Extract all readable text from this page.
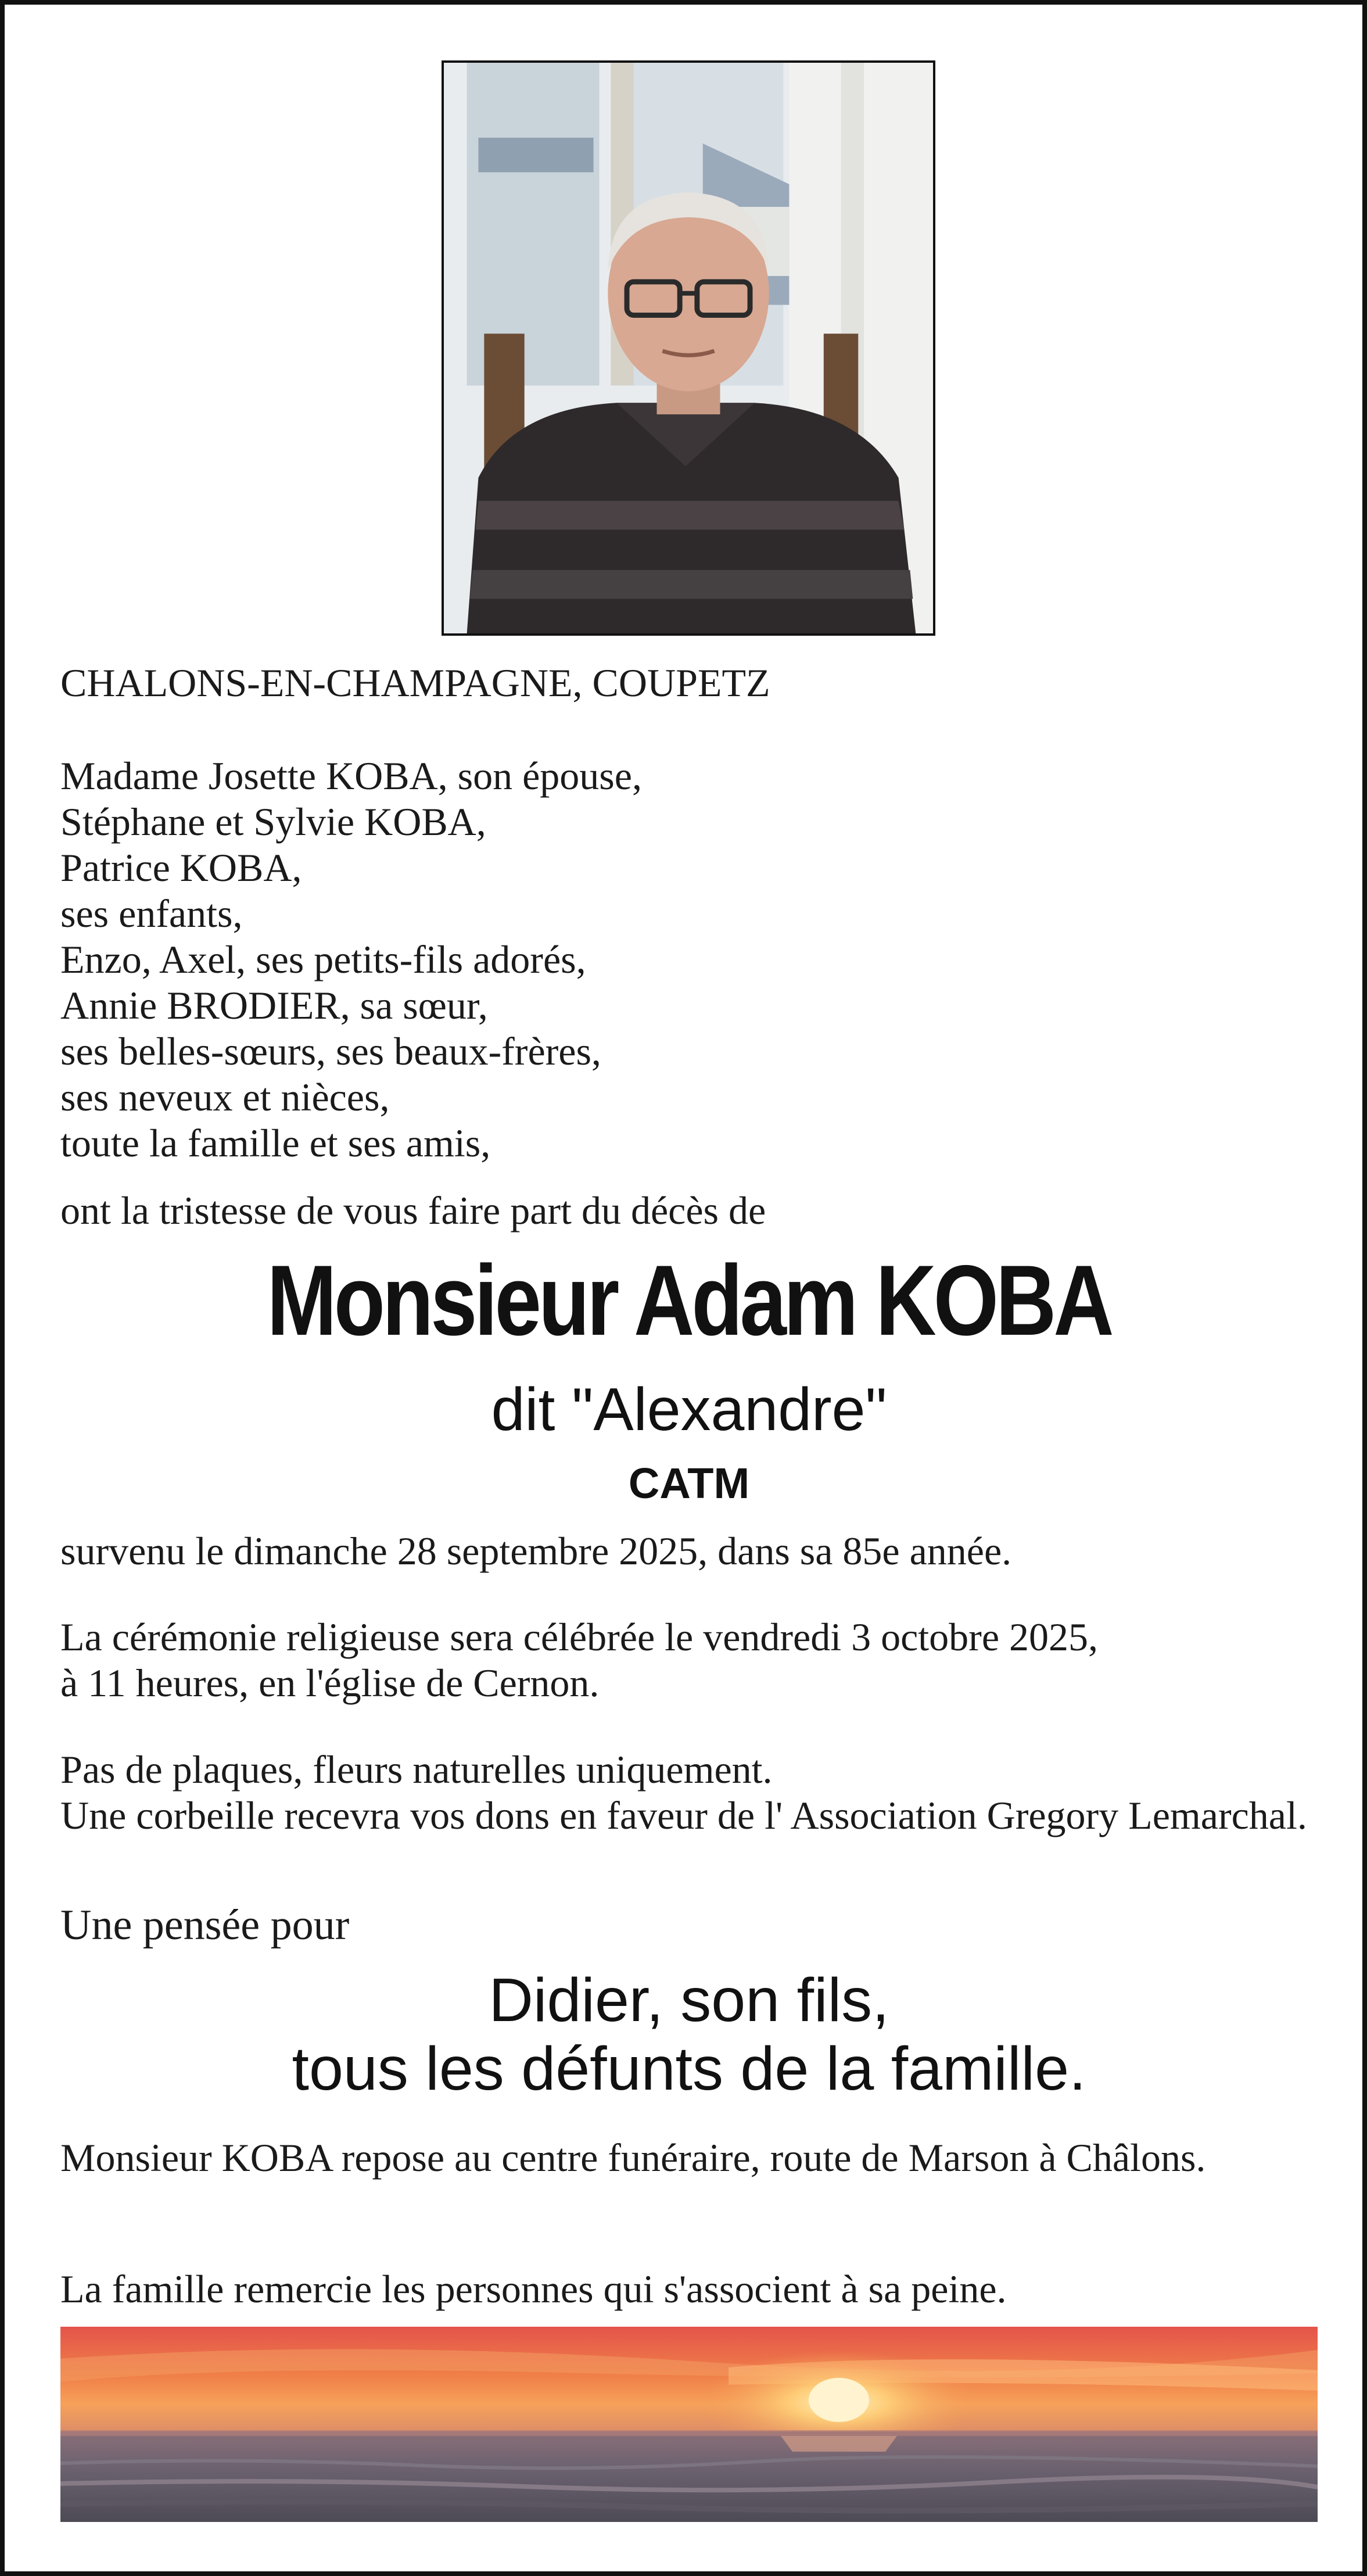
CHALONS-EN-CHAMPAGNE, COUPETZ

Madame Josette KOBA, son épouse,
Stéphane et Sylvie KOBA,
Patrice KOBA,
ses enfants,
Enzo, Axel, ses petits-fils adorés,
Annie BRODIER, sa sœur,
ses belles-sœurs, ses beaux-frères,
ses neveux et nièces,
toute la famille et ses amis,

ont la tristesse de vous faire part du décès de

Monsieur Adam KOBA

dit "Alexandre"

CATM

survenu le dimanche 28 septembre 2025, dans sa 85e année.

La cérémonie religieuse sera célébrée le vendredi 3 octobre 2025,
à 11 heures, en l'église de Cernon.

Pas de plaques, fleurs naturelles uniquement.

Une corbeille recevra vos dons en faveur de l' Association Gregory Lemarchal.

Une pensée pour

Didier, son fils,
tous les défunts de la famille.

Monsieur KOBA repose au centre funéraire, route de Marson à Châlons.

La famille remercie les personnes qui s'associent à sa peine.
